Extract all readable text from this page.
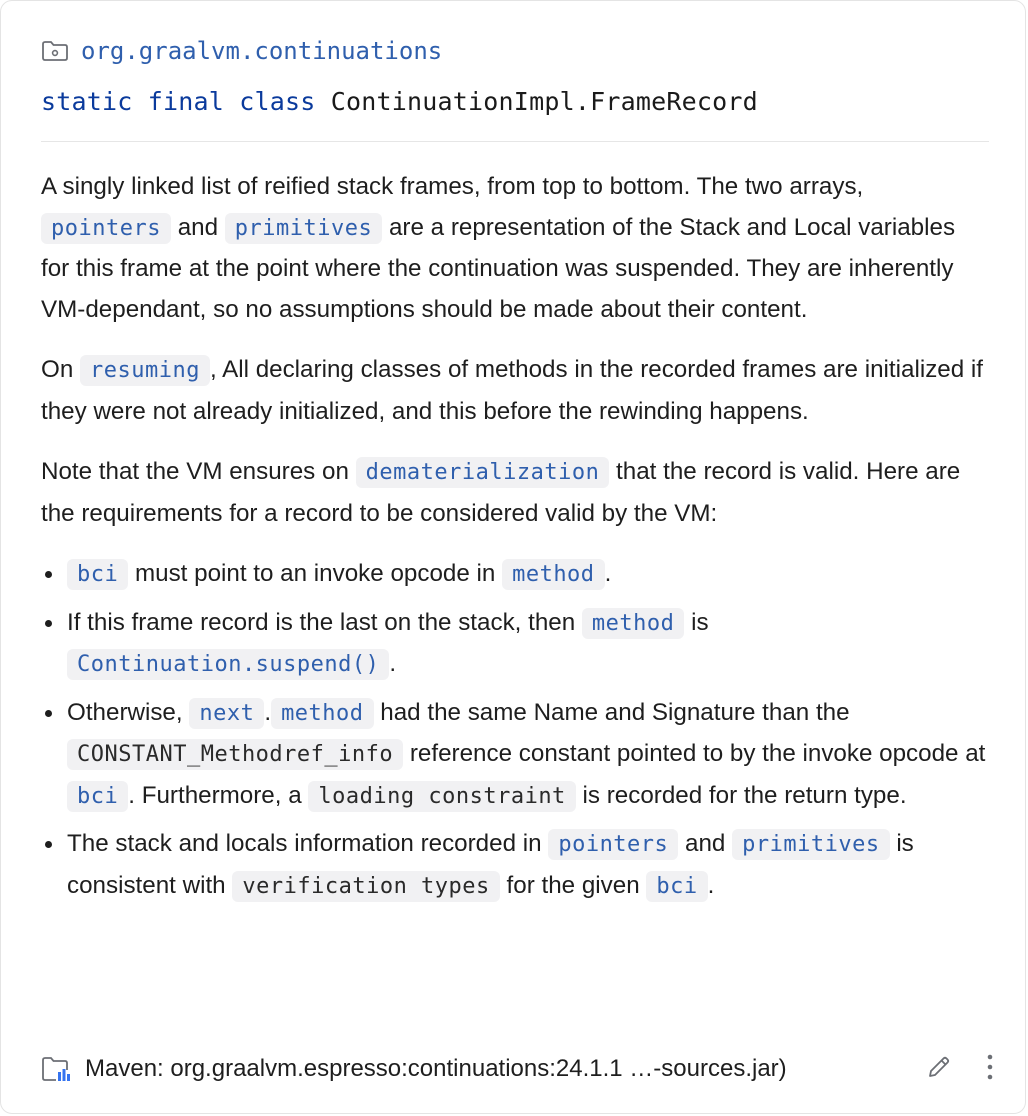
org.graalvm.continuations
static final class ContinuationImpl.FrameRecord

A singly linked list of reified stack frames, from top to bottom. The two arrays, pointers and primitives are a representation of the Stack and Local variables for this frame at the point where the continuation was suspended. They are inherently VM-dependant, so no assumptions should be made about their content.

On resuming , All declaring classes of methods in the recorded frames are initialized if they were not already initialized, and this before the rewinding happens.

Note that the VM ensures on dematerialization that the record is valid. Here are the requirements for a record to be considered valid by the VM:

bci must point to an invoke opcode in method .
If this frame record is the last on the stack, then method is
Continuation.suspend() .
Otherwise, next . method had the same Name and Signature than the CONSTANT_Methodref_info reference constant pointed to by the invoke opcode at bci . Furthermore, a loading constraint is recorded for the return type.
The stack and locals information recorded in pointers and primitives is consistent with verification types for the given bci .
Maven: org.graalvm.espresso:continuations:24.1.1 …-sources.jar)
